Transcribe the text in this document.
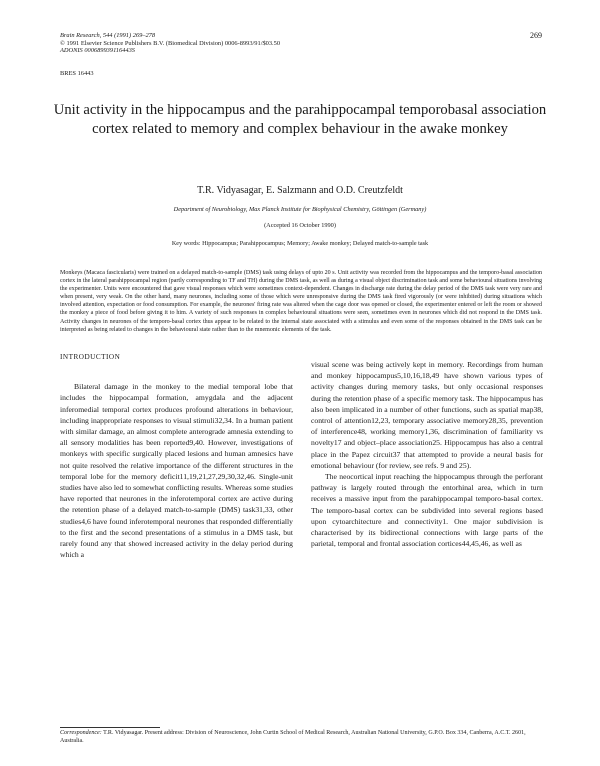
Brain Research, 544 (1991) 269–278
© 1991 Elsevier Science Publishers B.V. (Biomedical Division) 0006-8993/91/$03.50
ADONIS 000689939116443S
269
BRES 16443
Unit activity in the hippocampus and the parahippocampal temporobasal association cortex related to memory and complex behaviour in the awake monkey
T.R. Vidyasagar, E. Salzmann and O.D. Creutzfeldt
Department of Neurobiology, Max Planck Institute for Biophysical Chemistry, Göttingen (Germany)
(Accepted 16 October 1990)
Key words: Hippocampus; Parahippocampus; Memory; Awake monkey; Delayed match-to-sample task
Monkeys (Macaca fascicularis) were trained on a delayed match-to-sample (DMS) task using delays of upto 20 s. Unit activity was recorded from the hippocampus and the temporo-basal association cortex in the lateral parahippocampal region (partly corresponding to TF and TH) during the DMS task, as well as during a visual object discrimination task and some behavioural situations involving the experimenter. Units were encountered that gave visual responses which were sometimes context-dependent. Changes in discharge rate during the delay period of the DMS task were very rare and when present, very weak. On the other hand, many neurones, including some of those which were unresponsive during the DMS task fired vigorously (or were inhibited) during situations which involved attention, expectation or food consumption. For example, the neurones' firing rate was altered when the cage door was opened or closed, the experimenter entered or left the room or showed the monkey a piece of food before giving it to him. A variety of such responses in complex behavioural situations were seen, sometimes even in neurones which did not respond in the DMS task. Activity changes in neurones of the temporo-basal cortex thus appear to be related to the internal state associated with a stimulus and even some of the responses obtained in the DMS task can be interpreted as being related to changes in the behavioural state rather than to the mnemonic elements of the task.
INTRODUCTION

Bilateral damage in the monkey to the medial temporal lobe that includes the hippocampal formation, amygdala and the adjacent inferomedial temporal cortex produces profound alterations in behaviour, including inappropriate responses to visual stimuli32,34. In a human patient with similar damage, an almost complete anterograde amnesia extending to all sensory modalities has been reported9,40. However, investigations of monkeys with specific surgically placed lesions and human amnesics have not quite resolved the relative importance of the different structures in the temporal lobe for the memory deficit11,19,21,27,29,30,32,46. Single-unit studies have also led to somewhat conflicting results. Whereas some studies have reported that neurones in the inferotemporal cortex are active during the retention phase of a delayed match-to-sample (DMS) task31,33, other studies4,6 have found inferotemporal neurones that responded differentially to the first and the second presentations of a stimulus in a DMS task, but rarely found any that showed increased activity in the delay period during which a

visual scene was being actively kept in memory. Recordings from human and monkey hippocampus5,10,16,18,49 have shown various types of activity changes during memory tasks, but only occasional responses during the retention phase of a specific memory task. The hippocampus has also been implicated in a number of other functions, such as spatial map38, control of attention12,23, temporary associative memory28,35, prevention of interference48, working memory1,36, discrimination of familiarity vs novelty17 and object–place association25. Hippocampus has also a central place in the Papez circuit37 that attempted to provide a neural basis for emotional behaviour (for review, see refs. 9 and 25).

The neocortical input reaching the hippocampus through the perforant pathway is largely routed through the entorhinal area, which in turn receives a massive input from the parahippocampal temporo-basal cortex. The temporo-basal cortex can be subdivided into several regions based upon cytoarchitecture and connectivity1. One major subdivision is characterised by its bidirectional connections with large parts of the parietal, temporal and frontal association cortices44,45,46, as well as

Correspondence: T.R. Vidyasagar. Present address: Division of Neuroscience, John Curtin School of Medical Research, Australian National University, G.P.O. Box 334, Canberra, A.C.T. 2601, Australia.
